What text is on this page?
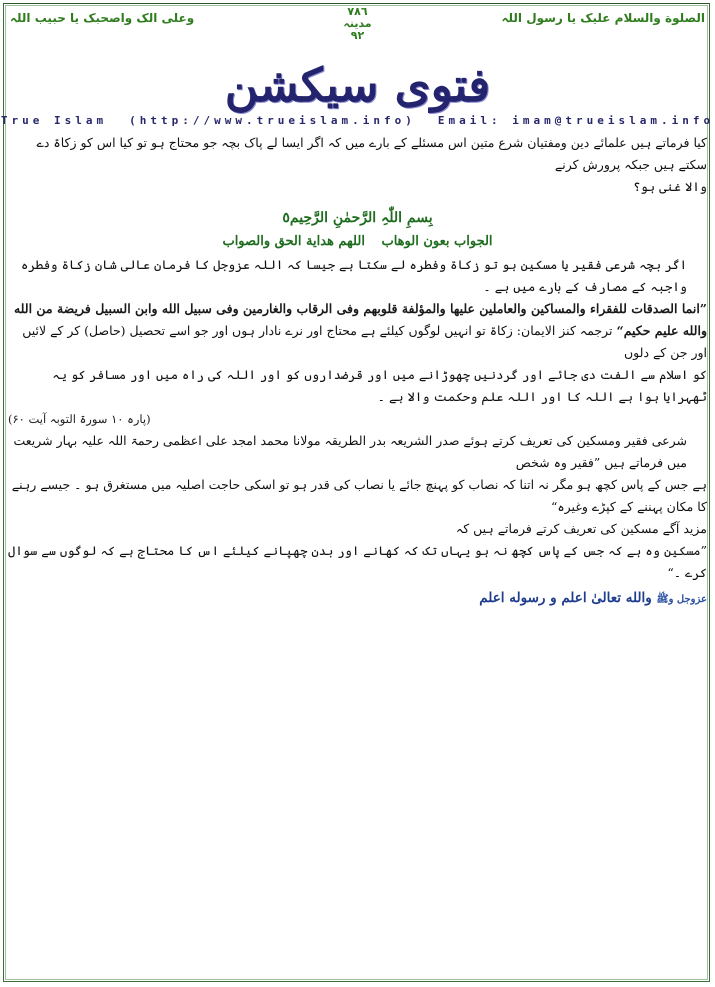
الصلوة والسلام علیک یا رسول اللہ
٧٨٦
مدینہ
٩٢
وعلی الک واصحبک یا حبیب اللہ
فتوی سیکشن
True Islam (http://www.trueislam.info) Email: imam@trueislam.info

کیا فرماتے ہیں علمائے دین ومفتیان شرع متین اس مسئلے کے بارے میں کہ اگر ایسا لے پاک بچہ جو محتاج ہو تو کیا اس کو زکاۃ دے سکتے ہیں جبکہ پرورش کرنے

والا غنی ہو؟

بِسمِ اللّٰہِ الرَّحمٰنِ الرَّحِیم٥
الجواب بعون الوهاب اللهم هداية الحق والصواب

اگر بچہ شرعی فقیر یا مسکین ہو تو زکاۃ وفطرہ لے سکتا ہے جیسا کہ اللہ عزوجل کا فرمان عالی شان زکاۃ وفطرہ واجبہ کے مصارف کے بارے میں ہے ۔

”انما الصدقات للفقراء والمساکین والعاملین علیها والمؤلفة قلوبهم وفی الرقاب والغارمین وفی سبیل الله وابن السبیل فریضة من الله

والله علیم حکیم“ ترجمہ کنز الایمان: زکاۃ تو انہیں لوگوں کیلئے ہے محتاج اور نرے نادار ہوں اور جو اسے تحصیل (حاصل) کر کے لائیں اور جن کے دلوں

کو اسلام سے الفت دی جائے اور گردنیں چھوڑانے میں اور قرضداروں کو اور اللہ کی راہ میں اور مسافر کو یہ ٹھہرایا ہوا ہے اللہ کا اور اللہ علم وحکمت والا ہے ۔

(پارہ ۱۰ سورۃ التوبہ آیت ۶۰)

شرعی فقیر ومسکین کی تعریف کرتے ہوئے صدر الشریعہ بدر الطریقہ مولانا محمد امجد علی اعظمی رحمۃ اللہ علیہ بہار شریعت میں فرماتے ہیں ”فقیر وہ شخص

ہے جس کے پاس کچھ ہو مگر نہ اتنا کہ نصاب کو پہنچ جائے یا نصاب کی قدر ہو تو اسکی حاجت اصلیہ میں مستغرق ہو ۔ جیسے رہنے کا مکان پہننے کے کپڑے وغیرہ“

مزید آگے مسکین کی تعریف کرتے فرماتے ہیں کہ

”مسکین وہ ہے کہ جس کے پاس کچھ نہ ہو یہاں تک کہ کھانے اور بدن چھپانے کیلئے اس کا محتاج ہے کہ لوگوں سے سوال کرے ۔“

عزوجل وﷺ والله تعالیٰ اعلم و رسوله اعلم
